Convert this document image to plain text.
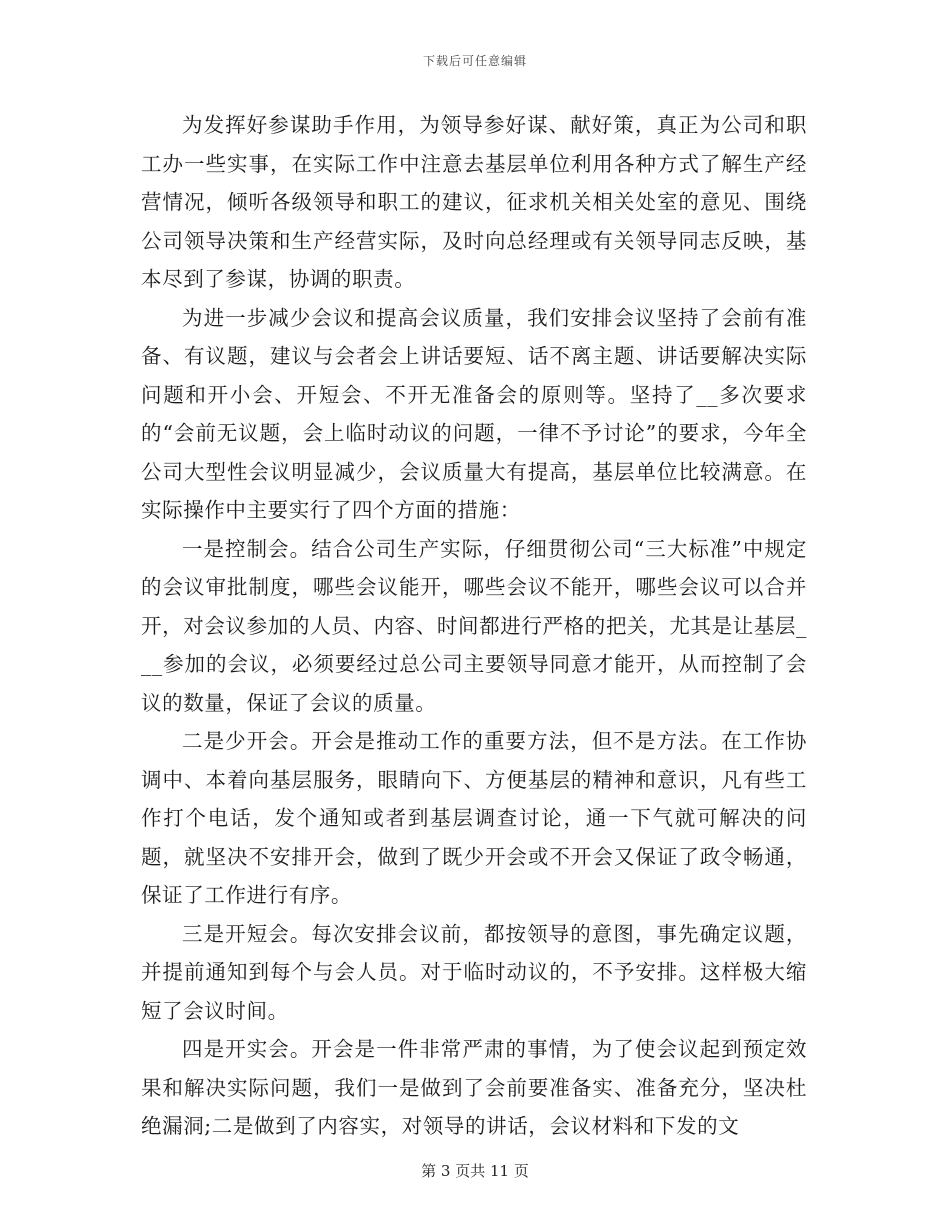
下载后可任意编辑

为发挥好参谋助手作用，为领导参好谋、献好策，真正为公司和职工办一些实事，在实际工作中注意去基层单位利用各种方式了解生产经营情况，倾听各级领导和职工的建议，征求机关相关处室的意见、围绕公司领导决策和生产经营实际，及时向总经理或有关领导同志反映，基本尽到了参谋，协调的职责。

为进一步减少会议和提高会议质量，我们安排会议坚持了会前有准备、有议题，建议与会者会上讲话要短、话不离主题、讲话要解决实际问题和开小会、开短会、不开无准备会的原则等。坚持了__多次要求的“会前无议题，会上临时动议的问题，一律不予讨论”的要求，今年全公司大型性会议明显减少，会议质量大有提高，基层单位比较满意。在实际操作中主要实行了四个方面的措施：

一是控制会。结合公司生产实际，仔细贯彻公司“三大标准”中规定的会议审批制度，哪些会议能开，哪些会议不能开，哪些会议可以合并开，对会议参加的人员、内容、时间都进行严格的把关，尤其是让基层___参加的会议，必须要经过总公司主要领导同意才能开，从而控制了会议的数量，保证了会议的质量。

二是少开会。开会是推动工作的重要方法，但不是方法。在工作协调中、本着向基层服务，眼睛向下、方便基层的精神和意识，凡有些工作打个电话，发个通知或者到基层调查讨论，通一下气就可解决的问题，就坚决不安排开会，做到了既少开会或不开会又保证了政令畅通，保证了工作进行有序。

三是开短会。每次安排会议前，都按领导的意图，事先确定议题，并提前通知到每个与会人员。对于临时动议的，不予安排。这样极大缩短了会议时间。

四是开实会。开会是一件非常严肃的事情，为了使会议起到预定效果和解决实际问题，我们一是做到了会前要准备实、准备充分，坚决杜绝漏洞;二是做到了内容实，对领导的讲话，会议材料和下发的文

第 3 页共 11 页
